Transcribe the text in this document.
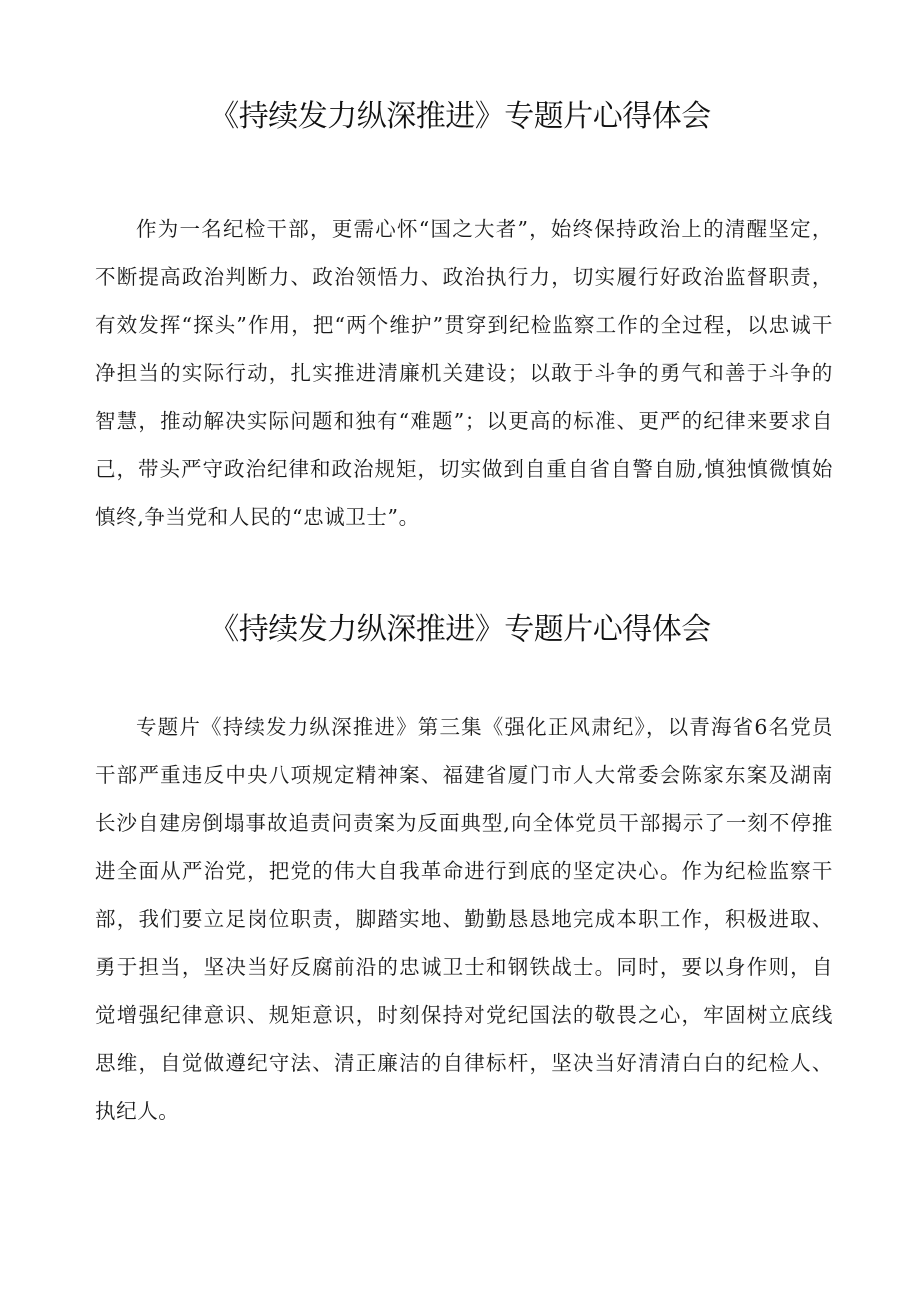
《持续发力纵深推进》专题片心得体会

作为一名纪检干部，更需心怀“国之大者”，始终保持政治上的清醒坚定，不断提高政治判断力、政治领悟力、政治执行力，切实履行好政治监督职责，有效发挥“探头”作用，把“两个维护”贯穿到纪检监察工作的全过程，以忠诚干净担当的实际行动，扎实推进清廉机关建设；以敢于斗争的勇气和善于斗争的智慧，推动解决实际问题和独有“难题”；以更高的标准、更严的纪律来要求自己，带头严守政治纪律和政治规矩，切实做到自重自省自警自励,慎独慎微慎始慎终,争当党和人民的“忠诚卫士”。

《持续发力纵深推进》专题片心得体会

专题片《持续发力纵深推进》第三集《强化正风肃纪》，以青海省6名党员干部严重违反中央八项规定精神案、福建省厦门市人大常委会陈家东案及湖南长沙自建房倒塌事故追责问责案为反面典型,向全体党员干部揭示了一刻不停推进全面从严治党，把党的伟大自我革命进行到底的坚定决心。作为纪检监察干部，我们要立足岗位职责，脚踏实地、勤勤恳恳地完成本职工作，积极进取、勇于担当，坚决当好反腐前沿的忠诚卫士和钢铁战士。同时，要以身作则，自觉增强纪律意识、规矩意识，时刻保持对党纪国法的敬畏之心，牢固树立底线思维，自觉做遵纪守法、清正廉洁的自律标杆，坚决当好清清白白的纪检人、执纪人。
